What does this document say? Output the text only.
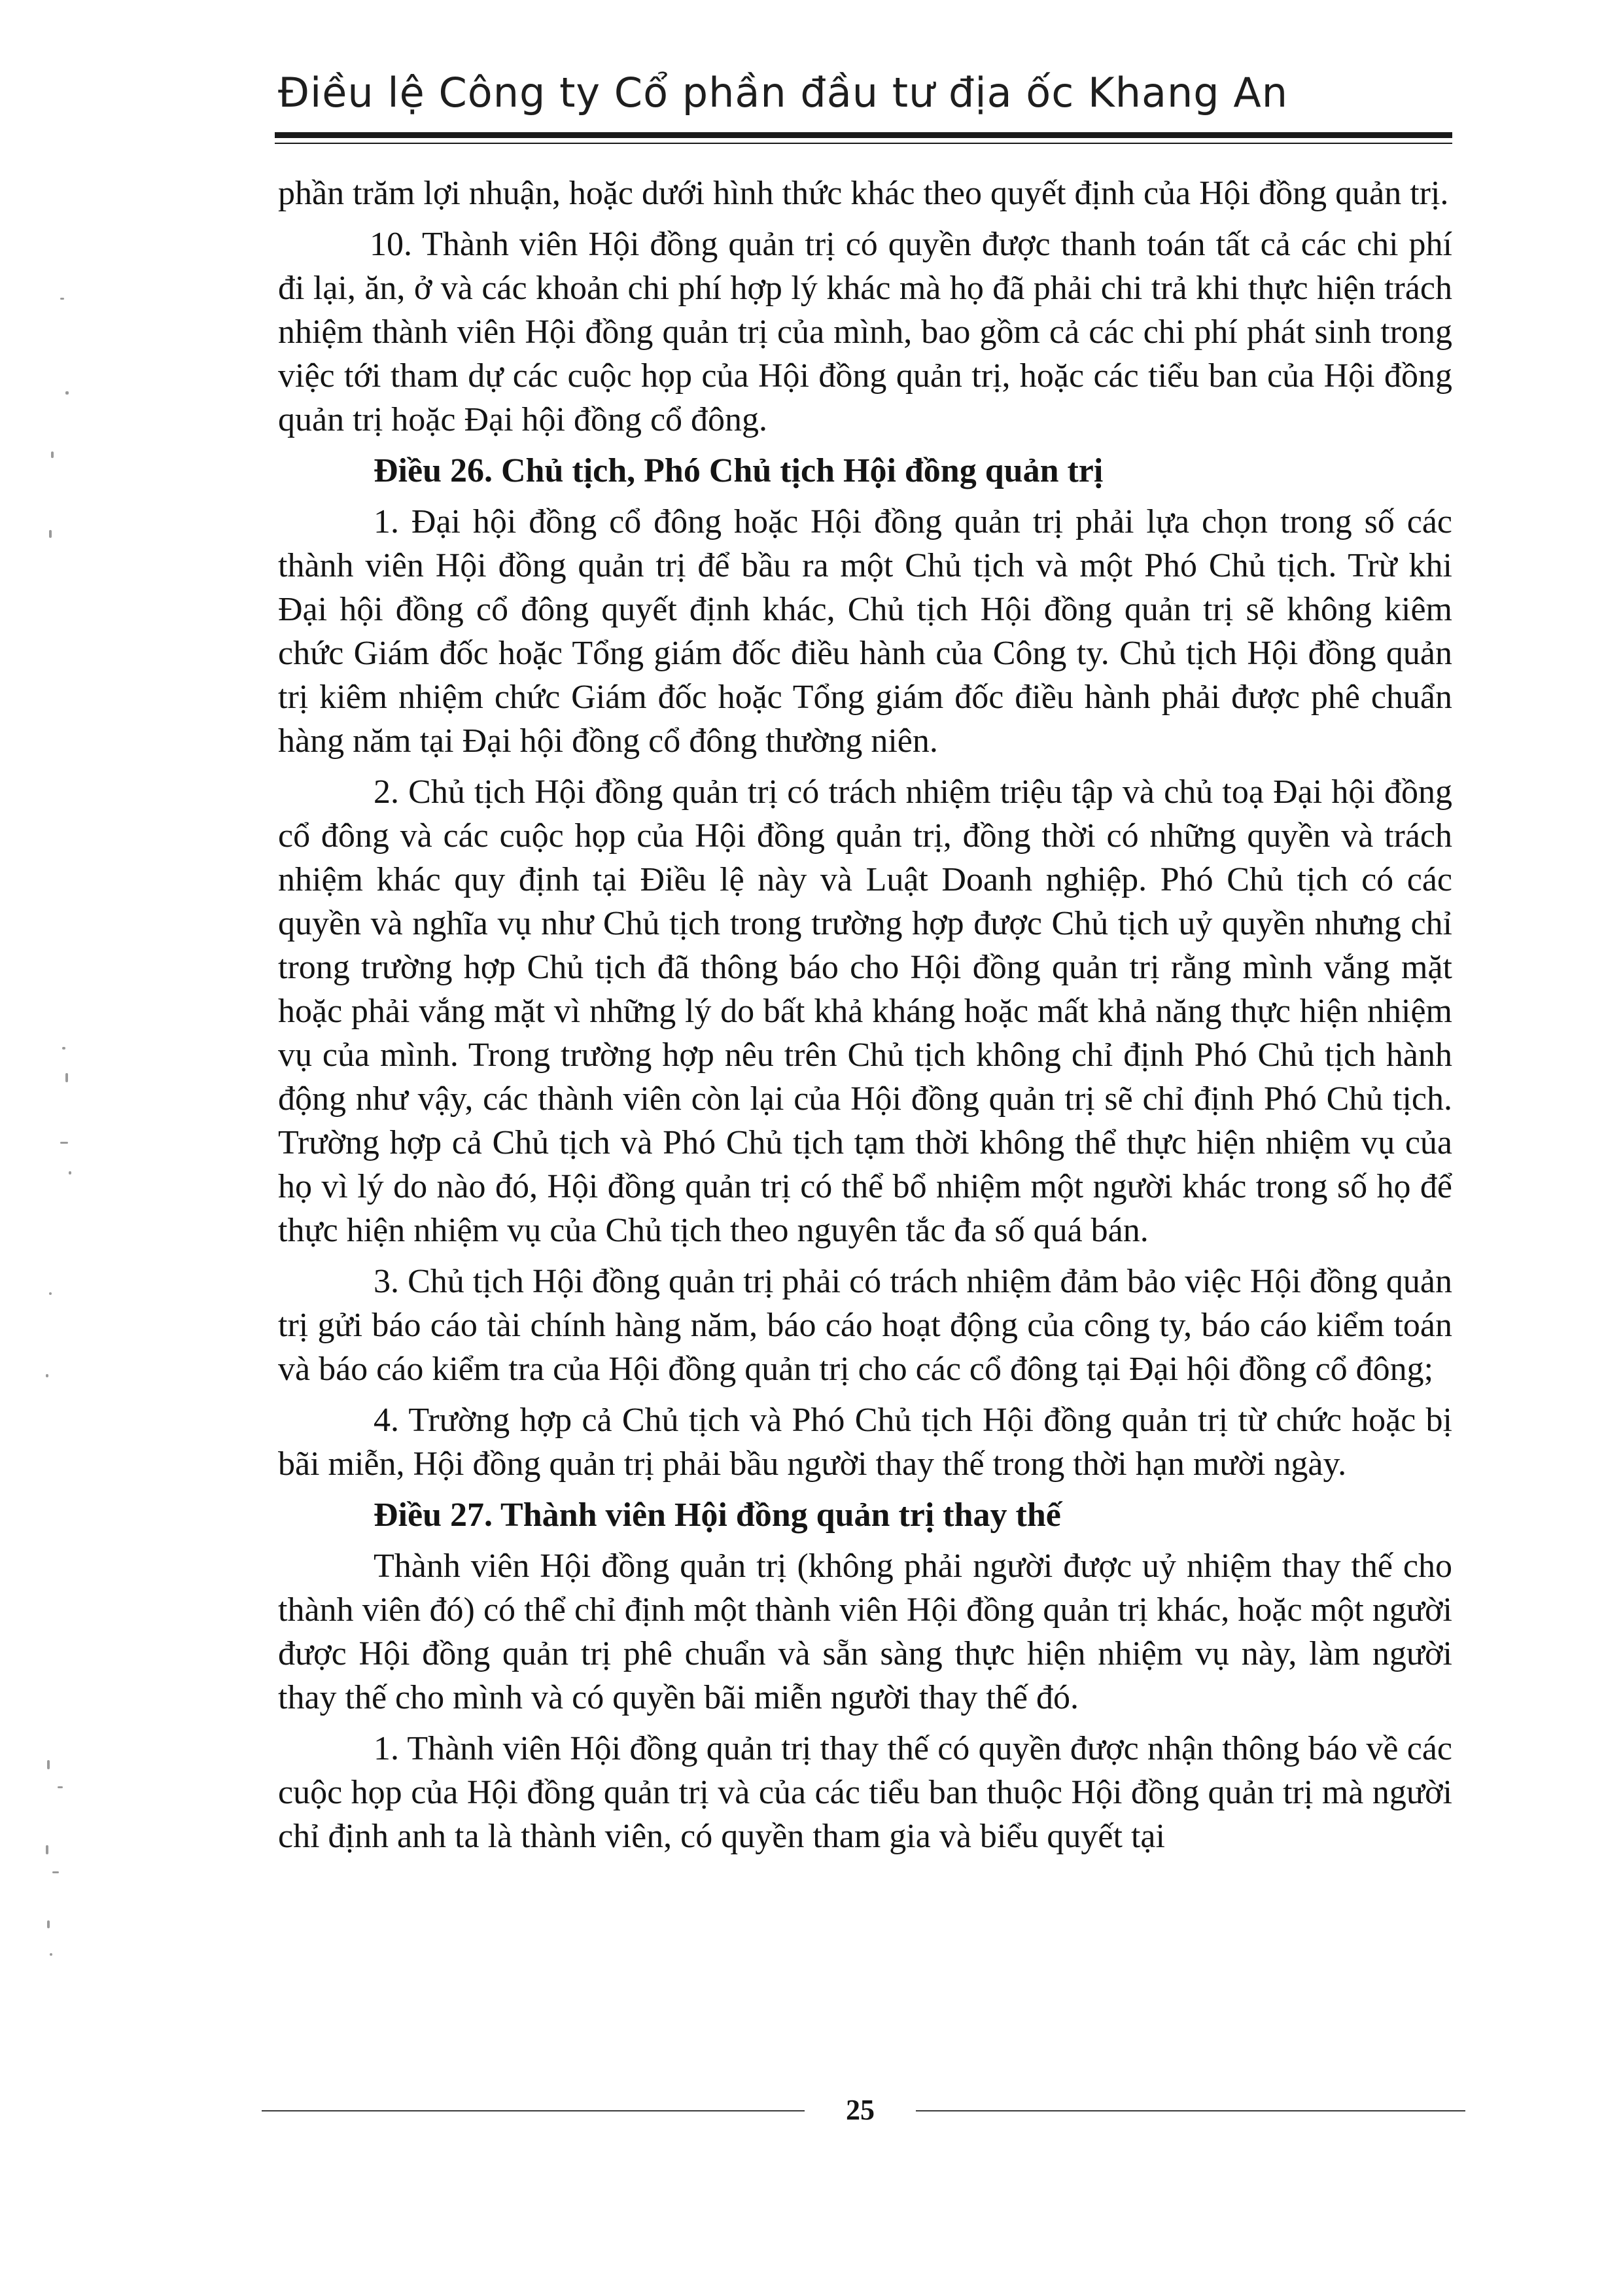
Điều lệ Công ty Cổ phần đầu tư địa ốc Khang An

phần trăm lợi nhuận, hoặc dưới hình thức khác theo quyết định của Hội đồng quản trị.

10. Thành viên Hội đồng quản trị có quyền được thanh toán tất cả các chi phí đi lại, ăn, ở và các khoản chi phí hợp lý khác mà họ đã phải chi trả khi thực hiện trách nhiệm thành viên Hội đồng quản trị của mình, bao gồm cả các chi phí phát sinh trong việc tới tham dự các cuộc họp của Hội đồng quản trị, hoặc các tiểu ban của Hội đồng quản trị hoặc Đại hội đồng cổ đông.

Điều 26. Chủ tịch, Phó Chủ tịch Hội đồng quản trị

1. Đại hội đồng cổ đông hoặc Hội đồng quản trị phải lựa chọn trong số các thành viên Hội đồng quản trị để bầu ra một Chủ tịch và một Phó Chủ tịch. Trừ khi Đại hội đồng cổ đông quyết định khác, Chủ tịch Hội đồng quản trị sẽ không kiêm chức Giám đốc hoặc Tổng giám đốc điều hành của Công ty. Chủ tịch Hội đồng quản trị kiêm nhiệm chức Giám đốc hoặc Tổng giám đốc điều hành phải được phê chuẩn hàng năm tại Đại hội đồng cổ đông thường niên.

2. Chủ tịch Hội đồng quản trị có trách nhiệm triệu tập và chủ toạ Đại hội đồng cổ đông và các cuộc họp của Hội đồng quản trị, đồng thời có những quyền và trách nhiệm khác quy định tại Điều lệ này và Luật Doanh nghiệp. Phó Chủ tịch có các quyền và nghĩa vụ như Chủ tịch trong trường hợp được Chủ tịch uỷ quyền nhưng chỉ trong trường hợp Chủ tịch đã thông báo cho Hội đồng quản trị rằng mình vắng mặt hoặc phải vắng mặt vì những lý do bất khả kháng hoặc mất khả năng thực hiện nhiệm vụ của mình. Trong trường hợp nêu trên Chủ tịch không chỉ định Phó Chủ tịch hành động như vậy, các thành viên còn lại của Hội đồng quản trị sẽ chỉ định Phó Chủ tịch. Trường hợp cả Chủ tịch và Phó Chủ tịch tạm thời không thể thực hiện nhiệm vụ của họ vì lý do nào đó, Hội đồng quản trị có thể bổ nhiệm một người khác trong số họ để thực hiện nhiệm vụ của Chủ tịch theo nguyên tắc đa số quá bán.

3. Chủ tịch Hội đồng quản trị phải có trách nhiệm đảm bảo việc Hội đồng quản trị gửi báo cáo tài chính hàng năm, báo cáo hoạt động của công ty, báo cáo kiểm toán và báo cáo kiểm tra của Hội đồng quản trị cho các cổ đông tại Đại hội đồng cổ đông;

4. Trường hợp cả Chủ tịch và Phó Chủ tịch Hội đồng quản trị từ chức hoặc bị bãi miễn, Hội đồng quản trị phải bầu người thay thế trong thời hạn mười ngày.

Điều 27. Thành viên Hội đồng quản trị thay thế

Thành viên Hội đồng quản trị (không phải người được uỷ nhiệm thay thế cho thành viên đó) có thể chỉ định một thành viên Hội đồng quản trị khác, hoặc một người được Hội đồng quản trị phê chuẩn và sẵn sàng thực hiện nhiệm vụ này, làm người thay thế cho mình và có quyền bãi miễn người thay thế đó.

1. Thành viên Hội đồng quản trị thay thế có quyền được nhận thông báo về các cuộc họp của Hội đồng quản trị và của các tiểu ban thuộc Hội đồng quản trị mà người chỉ định anh ta là thành viên, có quyền tham gia và biểu quyết tại

25
